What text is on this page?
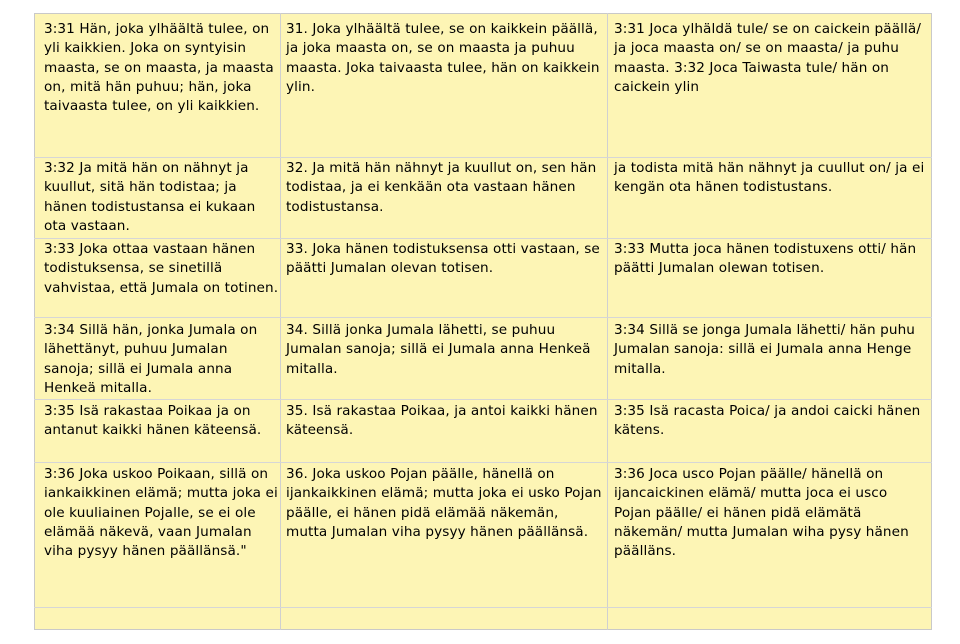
3:31 Hän, joka ylhäältä tulee, on yli kaikkien. Joka on syntyisin maasta, se on maasta, ja maasta on, mitä hän puhuu; hän, joka taivaasta tulee, on yli kaikkien.

31. Joka ylhäältä tulee, se on kaikkein päällä, ja joka maasta on, se on maasta ja puhuu maasta. Joka taivaasta tulee, hän on kaikkein ylin.

3:31 Joca ylhäldä tule/ se on caickein päällä/ ja joca maasta on/ se on maasta/ ja puhu maasta. 3:32 Joca Taiwasta tule/ hän on caickein ylin

3:32 Ja mitä hän on nähnyt ja kuullut, sitä hän todistaa; ja hänen todistustansa ei kukaan ota vastaan.

32. Ja mitä hän nähnyt ja kuullut on, sen hän todistaa, ja ei kenkään ota vastaan hänen todistustansa.

ja todista mitä hän nähnyt ja cuullut on/ ja ei kengän ota hänen todistustans.

3:33 Joka ottaa vastaan hänen todistuksensa, se sinetillä vahvistaa, että Jumala on totinen.

33. Joka hänen todistuksensa otti vastaan, se päätti Jumalan olevan totisen.

3:33 Mutta joca hänen todistuxens otti/ hän päätti Jumalan olewan totisen.

3:34 Sillä hän, jonka Jumala on lähettänyt, puhuu Jumalan sanoja; sillä ei Jumala anna Henkeä mitalla.

34. Sillä jonka Jumala lähetti, se puhuu Jumalan sanoja; sillä ei Jumala anna Henkeä mitalla.

3:34 Sillä se jonga Jumala lähetti/ hän puhu Jumalan sanoja: sillä ei Jumala anna Henge mitalla.

3:35 Isä rakastaa Poikaa ja on antanut kaikki hänen käteensä.

35. Isä rakastaa Poikaa, ja antoi kaikki hänen käteensä.

3:35 Isä racasta Poica/ ja andoi caicki hänen kätens.

3:36 Joka uskoo Poikaan, sillä on iankaikkinen elämä; mutta joka ei ole kuuliainen Pojalle, se ei ole elämää näkevä, vaan Jumalan viha pysyy hänen päällänsä."

36. Joka uskoo Pojan päälle, hänellä on ijankaikkinen elämä; mutta joka ei usko Pojan päälle, ei hänen pidä elämää näkemän, mutta Jumalan viha pysyy hänen päällänsä.

3:36 Joca usco Pojan päälle/ hänellä on ijancaickinen elämä/ mutta joca ei usco Pojan päälle/ ei hänen pidä elämätä näkemän/ mutta Jumalan wiha pysy hänen päälläns.
